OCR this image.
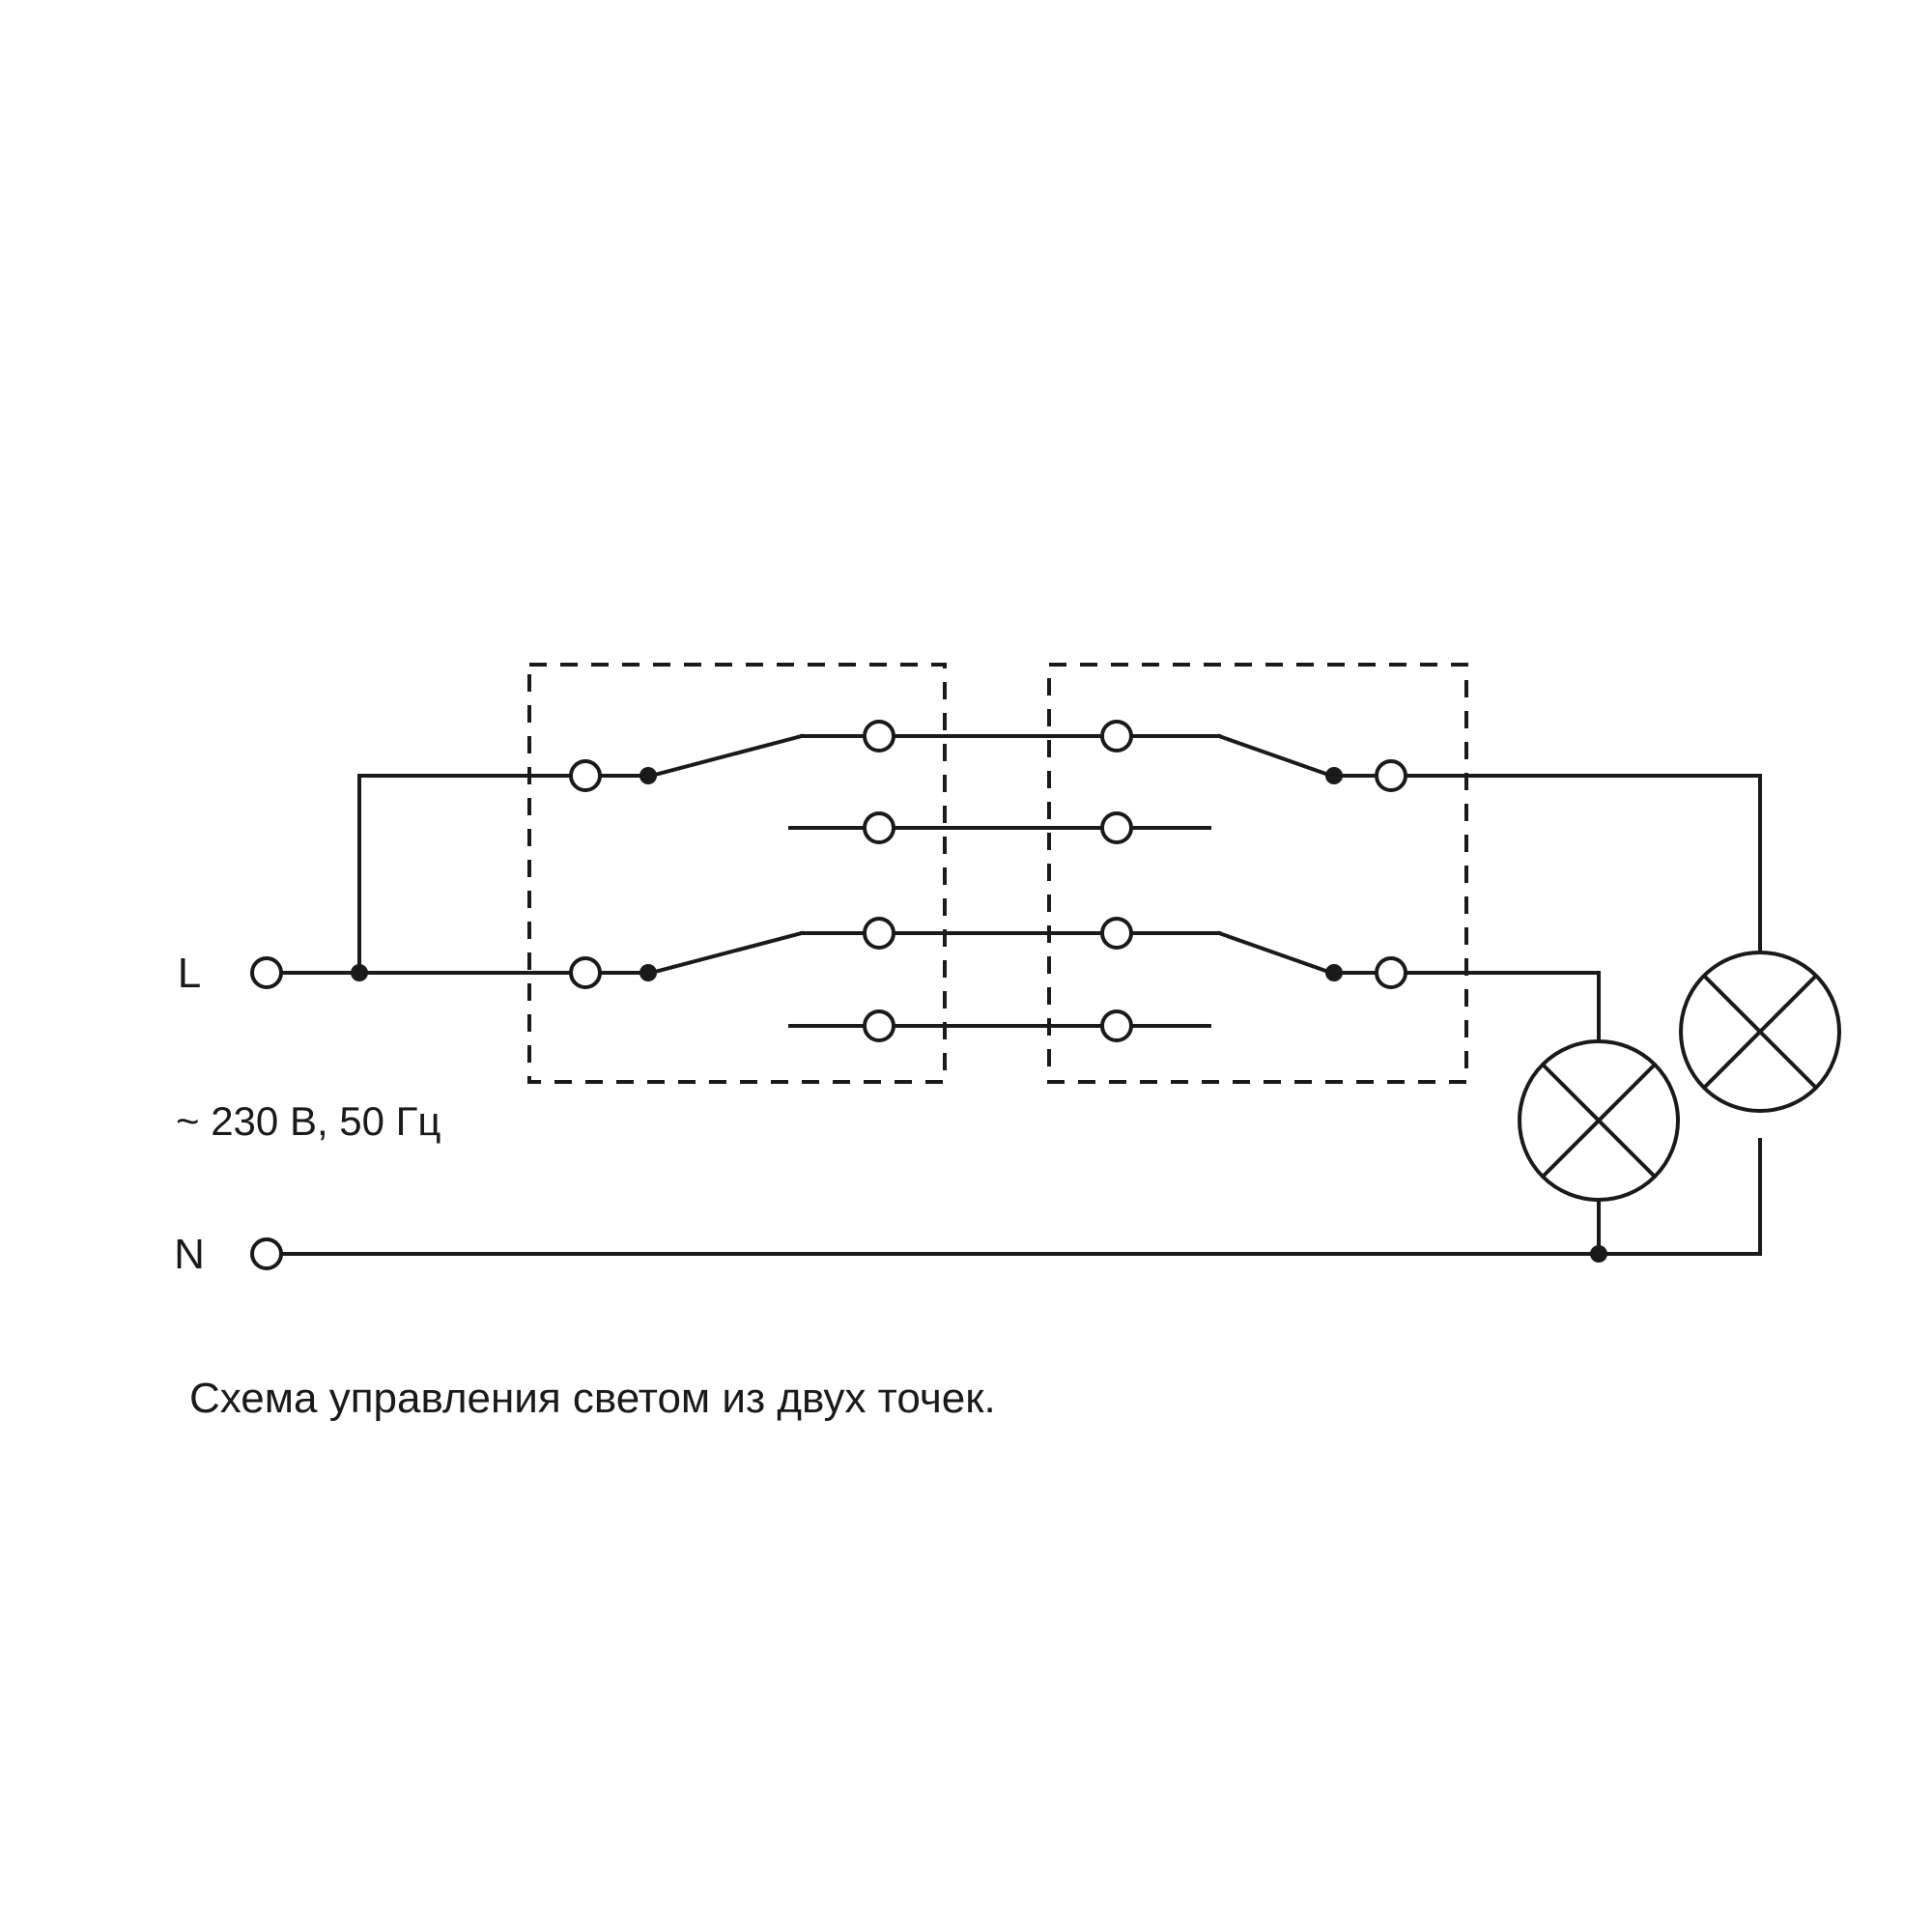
L
N
~ 230 В, 50 Гц
Схема управления светом из двух точек.
